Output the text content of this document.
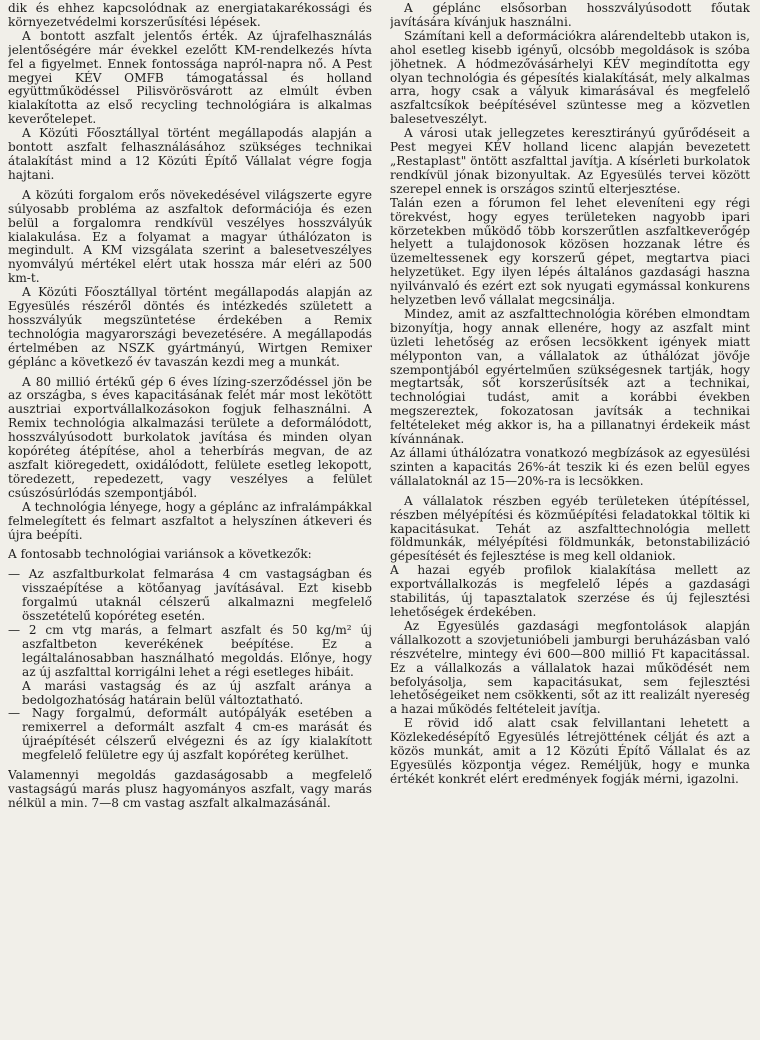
dik és ehhez kapcsolódnak az energiatakarékossági és környezetvédelmi korszerűsítési lépések.

A bontott aszfalt jelentős érték. Az újrafelhasználás jelentőségére már évekkel ezelőtt KM-rendelkezés hívta fel a figyelmet. Ennek fontossága napról-napra nő. A Pest megyei KÉV OMFB támogatással és holland együttműködéssel Pilisvörösvárott az elmúlt évben kialakította az első recycling technológiára is alkalmas keverőtelepet.

A Közúti Főosztállyal történt megállapodás alapján a bontott aszfalt felhasználásához szükséges technikai átalakítást mind a 12 Közúti Építő Vállalat végre fogja hajtani.

A közúti forgalom erős növekedésével világszerte egyre súlyosabb probléma az aszfaltok deformációja és ezen belül a forgalomra rendkívül veszélyes hosszvályúk kialakulása. Ez a folyamat a magyar úthálózaton is megindult. A KM vizsgálata szerint a balesetveszélyes nyomvályú mértékel elért utak hossza már eléri az 500 km-t.

A Közúti Főosztállyal történt megállapodás alapján az Egyesülés részéről döntés és intézkedés született a hosszvályúk megszüntetése érdekében a Remix technológia magyarországi bevezetésére. A megállapodás értelmében az NSZK gyártmányú, Wirtgen Remixer géplánc a következő év tavaszán kezdi meg a munkát.

A 80 millió értékű gép 6 éves lízing-szerződéssel jön be az országba, s éves kapacitásának felét már most lekötött ausztriai exportvállalkozásokon fogjuk felhasználni. A Remix technológia alkalmazási területe a deformálódott, hosszvályúsodott burkolatok javítása és minden olyan kopóréteg átépítése, ahol a teherbírás megvan, de az aszfalt kiöregedett, oxidálódott, felülete esetleg lekopott, töredezett, repedezett, vagy veszélyes a felület csúszósúrlódás szempontjából.

A technológia lényege, hogy a géplánc az infralámpákkal felmelegített és felmart aszfaltot a helyszínen átkeveri és újra beépíti.

A fontosabb technológiai variánsok a következők:

— Az aszfaltburkolat felmarása 4 cm vastagságban és visszaépítése a kötőanyag javításával. Ezt kisebb forgalmú utaknál célszerű alkalmazni megfelelő összetételű kopóréteg esetén.

— 2 cm vtg marás, a felmart aszfalt és 50 kg/m² új aszfaltbeton keverékének beépítése. Ez a legáltalánosabban használható megoldás. Előnye, hogy az új aszfalttal korrigálni lehet a régi esetleges hibáit.

A marási vastagság és az új aszfalt aránya a bedolgozhatóság határain belül változtatható.

— Nagy forgalmú, deformált autópályák esetében a remixerrel a deformált aszfalt 4 cm-es marását és újraépítését célszerű elvégezni és az így kialakított megfelelő felületre egy új aszfalt kopóréteg kerülhet.

Valamennyi megoldás gazdaságosabb a megfelelő vastagságú marás plusz hagyományos aszfalt, vagy marás nélkül a min. 7—8 cm vastag aszfalt alkalmazásánál.

A géplánc elsősorban hosszvályúsodott főutak javítására kívánjuk használni.

Számítani kell a deformációkra alárendeltebb utakon is, ahol esetleg kisebb igényű, olcsóbb megoldások is szóba jöhetnek. A hódmezővásárhelyi KÉV megindította egy olyan technológia és gépesítés kialakítását, mely alkalmas arra, hogy csak a vályuk kimarásával és megfelelő aszfaltcsíkok beépítésével szüntesse meg a közvetlen balesetveszélyt.

A városi utak jellegzetes keresztirányú gyűrődéseit a Pest megyei KÉV holland licenc alapján bevezetett „Restaplast" öntött aszfalttal javítja. A kísérleti burkolatok rendkívül jónak bizonyultak. Az Egyesülés tervei között szerepel ennek is országos szintű elterjesztése.

Talán ezen a fórumon fel lehet eleveníteni egy régi törekvést, hogy egyes területeken nagyobb ipari körzetekben működő több korszerűtlen aszfaltkeverőgép helyett a tulajdonosok közösen hozzanak létre és üzemeltessenek egy korszerű gépet, megtartva piaci helyzetüket. Egy ilyen lépés általános gazdasági haszna nyilvánvaló és ezért ezt sok nyugati egymással konkurens helyzetben levő vállalat megcsinálja.

Mindez, amit az aszfalttechnológia körében elmondtam bizonyítja, hogy annak ellenére, hogy az aszfalt mint üzleti lehetőség az erősen lecsökkent igények miatt mélyponton van, a vállalatok az úthálózat jövője szempontjából egyértelműen szükségesnek tartják, hogy megtartsák, sőt korszerűsítsék azt a technikai, technológiai tudást, amit a korábbi években megszereztek, fokozatosan javítsák a technikai feltételeket még akkor is, ha a pillanatnyi érdekeik mást kívánnának.

Az állami úthálózatra vonatkozó megbízások az egyesülési szinten a kapacitás 26%-át teszik ki és ezen belül egyes vállalatoknál az 15—20%-ra is lecsökken.

A vállalatok részben egyéb területeken útépítéssel, részben mélyépítési és közműépítési feladatokkal töltik ki kapacitásukat. Tehát az aszfalttechnológia mellett földmunkák, mélyépítési földmunkák, betonstabilizáció gépesítését és fejlesztése is meg kell oldaniok.

A hazai egyéb profilok kialakítása mellett az exportvállalkozás is megfelelő lépés a gazdasági stabilitás, új tapasztalatok szerzése és új fejlesztési lehetőségek érdekében.

Az Egyesülés gazdasági megfontolások alapján vállalkozott a szovjetunióbeli jamburgi beruházásban való részvételre, mintegy évi 600—800 millió Ft kapacitással. Ez a vállalkozás a vállalatok hazai működését nem befolyásolja, sem kapacitásukat, sem fejlesztési lehetőségeiket nem csökkenti, sőt az itt realizált nyereség a hazai működés feltételeit javítja.

E rövid idő alatt csak felvillantani lehetett a Közlekedésépítő Egyesülés létrejöttének célját és azt a közös munkát, amit a 12 Közúti Építő Vállalat és az Egyesülés központja végez. Reméljük, hogy e munka értékét konkrét elért eredmények fogják mérni, igazolni.
